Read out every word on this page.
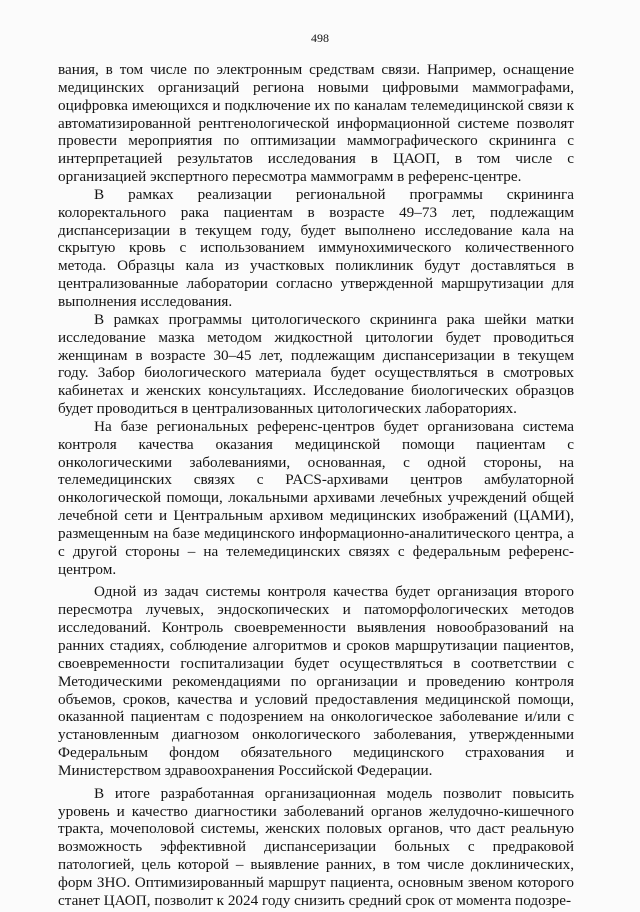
498

вания, в том числе по электронным средствам связи. Например, оснащение медицинских организаций региона новыми цифровыми маммографами, оцифровка имеющихся и подключение их по каналам телемедицинской связи к автоматизированной рентгенологической информационной системе позволят провести мероприятия по оптимизации маммографического скрининга с интерпретацией результатов исследования в ЦАОП, в том числе с организацией экспертного пересмотра маммограмм в референс-центре.

В рамках реализации региональной программы скрининга колоректального рака пациентам в возрасте 49–73 лет, подлежащим диспансеризации в текущем году, будет выполнено исследование кала на скрытую кровь с использованием иммунохимического количественного метода. Образцы кала из участковых поликлиник будут доставляться в централизованные лаборатории согласно утвержденной маршрутизации для выполнения исследования.

В рамках программы цитологического скрининга рака шейки матки исследование мазка методом жидкостной цитологии будет проводиться женщинам в возрасте 30–45 лет, подлежащим диспансеризации в текущем году. Забор биологического материала будет осуществляться в смотровых кабинетах и женских консультациях. Исследование биологических образцов будет проводиться в централизованных цитологических лабораториях.

На базе региональных референс-центров будет организована система контроля качества оказания медицинской помощи пациентам с онкологическими заболеваниями, основанная, с одной стороны, на телемедицинских связях с PACS-архивами центров амбулаторной онкологической помощи, локальными архивами лечебных учреждений общей лечебной сети и Центральным архивом медицинских изображений (ЦАМИ), размещенным на базе медицинского информационно-аналитического центра, а с другой стороны – на телемедицинских связях с федеральным референс-центром.

Одной из задач системы контроля качества будет организация второго пересмотра лучевых, эндоскопических и патоморфологических методов исследований. Контроль своевременности выявления новообразований на ранних стадиях, соблюдение алгоритмов и сроков маршрутизации пациентов, своевременности госпитализации будет осуществляться в соответствии с Методическими рекомендациями по организации и проведению контроля объемов, сроков, качества и условий предоставления медицинской помощи, оказанной пациентам с подозрением на онкологическое заболевание и/или с установленным диагнозом онкологического заболевания, утвержденными Федеральным фондом обязательного медицинского страхования и Министерством здравоохранения Российской Федерации.

В итоге разработанная организационная модель позволит повысить уровень и качество диагностики заболеваний органов желудочно-кишечного тракта, мочеполовой системы, женских половых органов, что даст реальную возможность эффективной диспансеризации больных с предраковой патологией, цель которой – выявление ранних, в том числе доклинических, форм ЗНО. Оптимизированный маршрут пациента, основным звеном которого станет ЦАОП, позволит к 2024 году снизить средний срок от момента подозре-
